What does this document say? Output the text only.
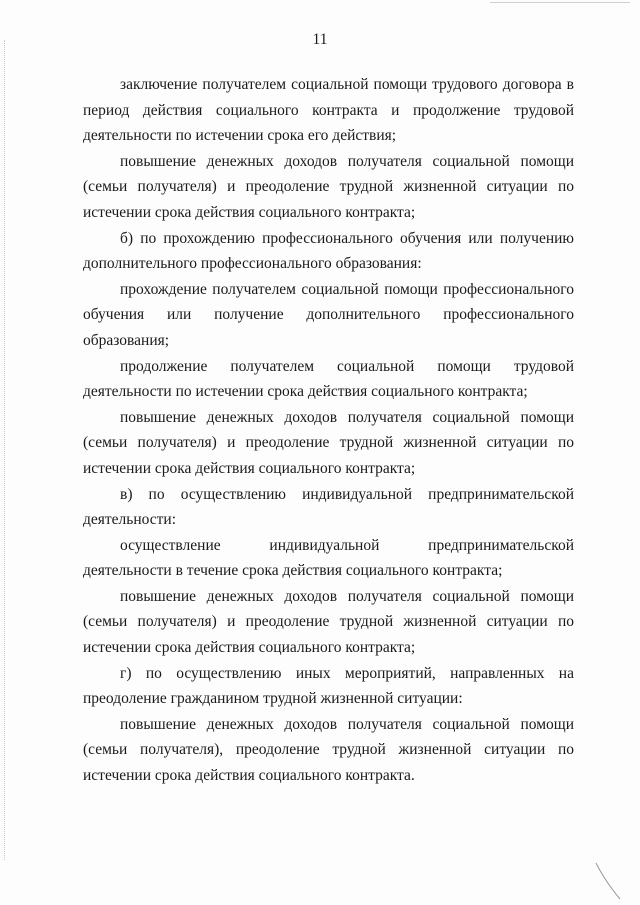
11

заключение получателем социальной помощи трудового договора в период действия социального контракта и продолжение трудовой деятельности по истечении срока его действия;

повышение денежных доходов получателя социальной помощи (семьи получателя) и преодоление трудной жизненной ситуации по истечении срока действия социального контракта;

б) по прохождению профессионального обучения или получению дополнительного профессионального образования:

прохождение получателем социальной помощи профессионального обучения или получение дополнительного профессионального образования;

продолжение получателем социальной помощи трудовой деятельности по истечении срока действия социального контракта;

повышение денежных доходов получателя социальной помощи (семьи получателя) и преодоление трудной жизненной ситуации по истечении срока действия социального контракта;

в) по осуществлению индивидуальной предпринимательской деятельности:

осуществление индивидуальной предпринимательской деятельности в течение срока действия социального контракта;

повышение денежных доходов получателя социальной помощи (семьи получателя) и преодоление трудной жизненной ситуации по истечении срока действия социального контракта;

г) по осуществлению иных мероприятий, направленных на преодоление гражданином трудной жизненной ситуации:

повышение денежных доходов получателя социальной помощи (семьи получателя), преодоление трудной жизненной ситуации по истечении срока действия социального контракта.
